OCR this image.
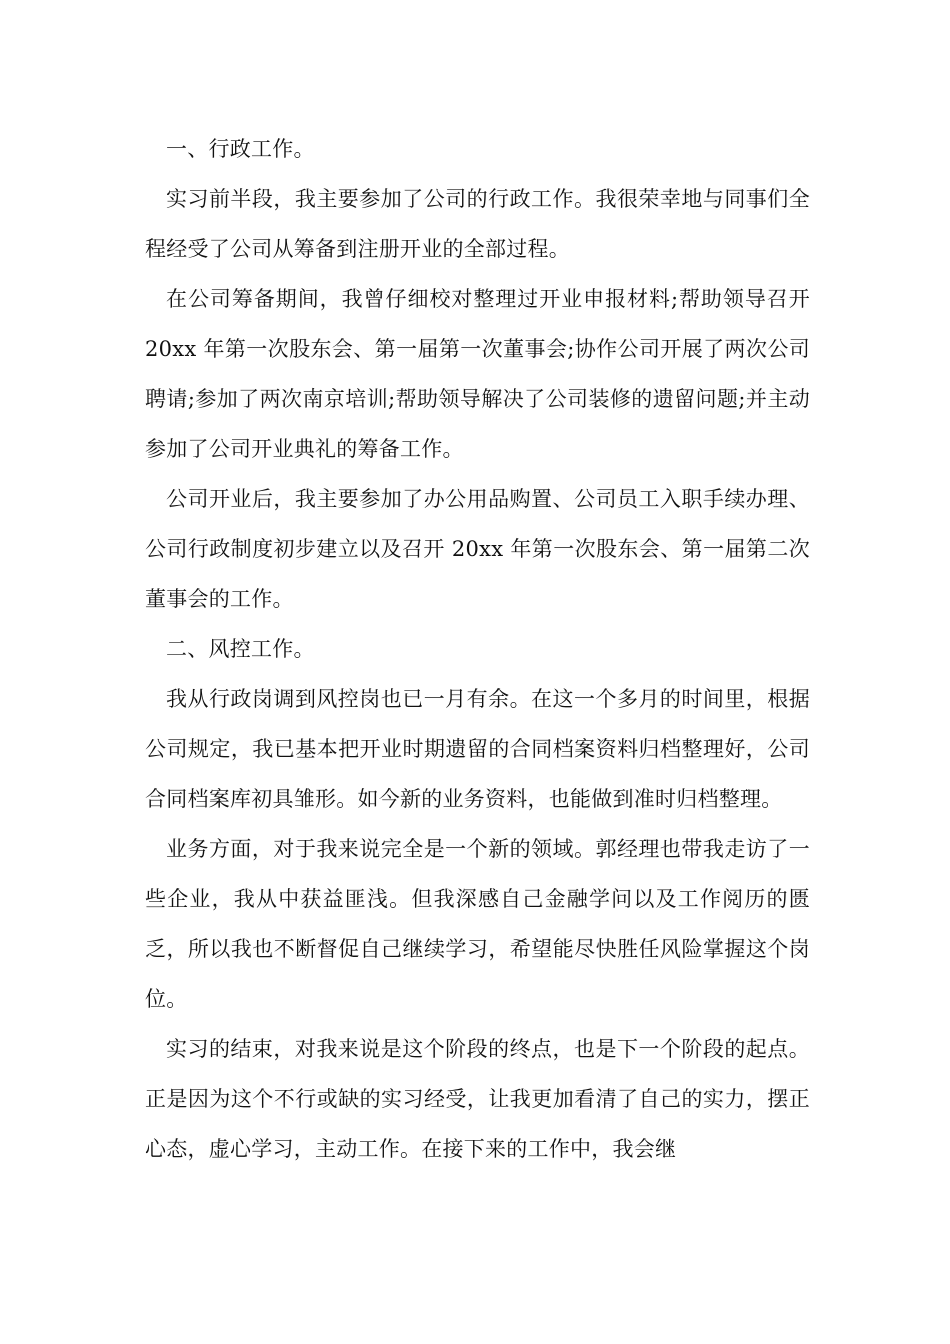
一、行政工作。

实习前半段，我主要参加了公司的行政工作。我很荣幸地与同事们全程经受了公司从筹备到注册开业的全部过程。

在公司筹备期间，我曾仔细校对整理过开业申报材料;帮助领导召开 20xx 年第一次股东会、第一届第一次董事会;协作公司开展了两次公司聘请;参加了两次南京培训;帮助领导解决了公司装修的遗留问题;并主动参加了公司开业典礼的筹备工作。

公司开业后，我主要参加了办公用品购置、公司员工入职手续办理、公司行政制度初步建立以及召开 20xx 年第一次股东会、第一届第二次董事会的工作。

二、风控工作。

我从行政岗调到风控岗也已一月有余。在这一个多月的时间里，根据公司规定，我已基本把开业时期遗留的合同档案资料归档整理好，公司合同档案库初具雏形。如今新的业务资料，也能做到准时归档整理。

业务方面，对于我来说完全是一个新的领域。郭经理也带我走访了一些企业，我从中获益匪浅。但我深感自己金融学问以及工作阅历的匮乏，所以我也不断督促自己继续学习，希望能尽快胜任风险掌握这个岗位。

实习的结束，对我来说是这个阶段的终点，也是下一个阶段的起点。正是因为这个不行或缺的实习经受，让我更加看清了自己的实力，摆正心态，虚心学习，主动工作。在接下来的工作中，我会继
